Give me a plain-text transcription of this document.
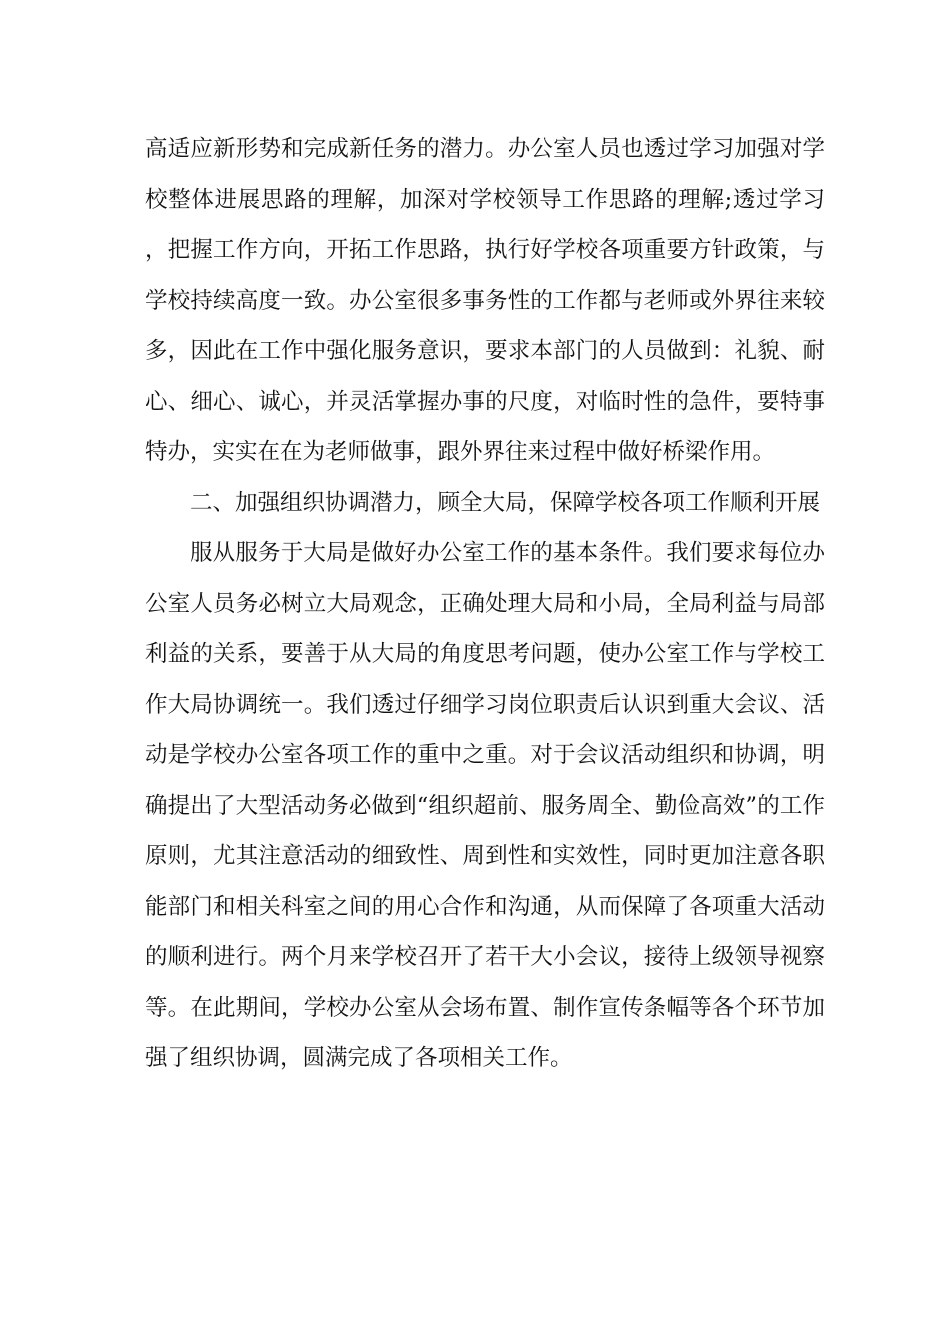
高适应新形势和完成新任务的潜力。办公室人员也透过学习加强对学校整体进展思路的理解，加深对学校领导工作思路的理解;透过学习，把握工作方向，开拓工作思路，执行好学校各项重要方针政策，与学校持续高度一致。办公室很多事务性的工作都与老师或外界往来较多，因此在工作中强化服务意识，要求本部门的人员做到：礼貌、耐心、细心、诚心，并灵活掌握办事的尺度，对临时性的急件，要特事特办，实实在在为老师做事，跟外界往来过程中做好桥梁作用。

二、加强组织协调潜力，顾全大局，保障学校各项工作顺利开展

服从服务于大局是做好办公室工作的基本条件。我们要求每位办公室人员务必树立大局观念，正确处理大局和小局，全局利益与局部利益的关系，要善于从大局的角度思考问题，使办公室工作与学校工作大局协调统一。我们透过仔细学习岗位职责后认识到重大会议、活动是学校办公室各项工作的重中之重。对于会议活动组织和协调，明确提出了大型活动务必做到“组织超前、服务周全、勤俭高效”的工作原则，尤其注意活动的细致性、周到性和实效性，同时更加注意各职能部门和相关科室之间的用心合作和沟通，从而保障了各项重大活动的顺利进行。两个月来学校召开了若干大小会议，接待上级领导视察等。在此期间，学校办公室从会场布置、制作宣传条幅等各个环节加强了组织协调，圆满完成了各项相关工作。
